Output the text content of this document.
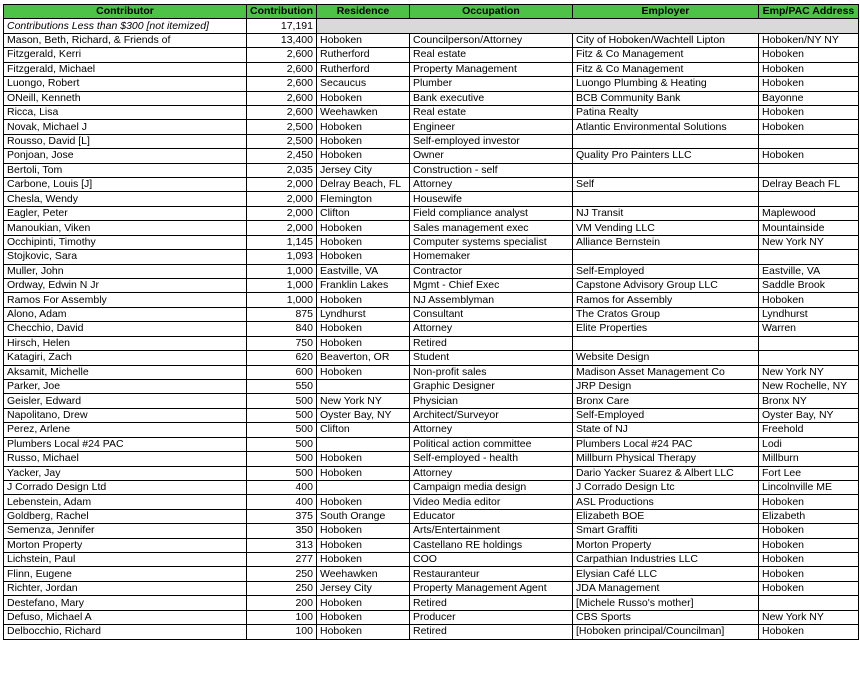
Contributor	Contribution	Residence	Occupation	Employer	Emp/PAC Address
Contributions Less than $300 [not itemized]	17,191				
Mason, Beth, Richard, & Friends of	13,400	Hoboken	Councilperson/Attorney	City of Hoboken/Wachtell Lipton	Hoboken/NY NY
Fitzgerald, Kerri	2,600	Rutherford	Real estate	Fitz & Co Management	Hoboken
Fitzgerald, Michael	2,600	Rutherford	Property Management	Fitz & Co Management	Hoboken
Luongo, Robert	2,600	Secaucus	Plumber	Luongo Plumbing & Heating	Hoboken
ONeill, Kenneth	2,600	Hoboken	Bank executive	BCB Community Bank	Bayonne
Ricca, Lisa	2,600	Weehawken	Real estate	Patina Realty	Hoboken
Novak, Michael J	2,500	Hoboken	Engineer	Atlantic Environmental Solutions	Hoboken
Rousso, David [L]	2,500	Hoboken	Self-employed investor		
Ponjoan, Jose	2,450	Hoboken	Owner	Quality Pro Painters LLC	Hoboken
Bertoli, Tom	2,035	Jersey City	Construction - self		
Carbone, Louis [J]	2,000	Delray Beach, FL	Attorney	Self	Delray Beach FL
Chesla, Wendy	2,000	Flemington	Housewife		
Eagler, Peter	2,000	Clifton	Field compliance analyst	NJ Transit	Maplewood
Manoukian, Viken	2,000	Hoboken	Sales management exec	VM Vending LLC	Mountainside
Occhipinti, Timothy	1,145	Hoboken	Computer systems specialist	Alliance Bernstein	New York NY
Stojkovic, Sara	1,093	Hoboken	Homemaker		
Muller, John	1,000	Eastville, VA	Contractor	Self-Employed	Eastville, VA
Ordway, Edwin N Jr	1,000	Franklin Lakes	Mgmt - Chief Exec	Capstone Advisory Group LLC	Saddle Brook
Ramos For Assembly	1,000	Hoboken	NJ Assemblyman	Ramos for Assembly	Hoboken
Alono, Adam	875	Lyndhurst	Consultant	The Cratos Group	Lyndhurst
Checchio, David	840	Hoboken	Attorney	Elite Properties	Warren
Hirsch, Helen	750	Hoboken	Retired		
Katagiri, Zach	620	Beaverton, OR	Student	Website Design	
Aksamit, Michelle	600	Hoboken	Non-profit sales	Madison Asset Management Co	New York NY
Parker, Joe	550		Graphic Designer	JRP Design	New Rochelle, NY
Geisler, Edward	500	New York NY	Physician	Bronx Care	Bronx NY
Napolitano, Drew	500	Oyster Bay, NY	Architect/Surveyor	Self-Employed	Oyster Bay, NY
Perez, Arlene	500	Clifton	Attorney	State of NJ	Freehold
Plumbers Local #24 PAC	500		Political action committee	Plumbers Local #24 PAC	Lodi
Russo, Michael	500	Hoboken	Self-employed - health	Millburn Physical Therapy	Millburn
Yacker, Jay	500	Hoboken	Attorney	Dario Yacker Suarez & Albert LLC	Fort Lee
J Corrado Design Ltd	400		Campaign media design	J Corrado Design Ltc	Lincolnville ME
Lebenstein, Adam	400	Hoboken	Video Media editor	ASL Productions	Hoboken
Goldberg, Rachel	375	South Orange	Educator	Elizabeth BOE	Elizabeth
Semenza, Jennifer	350	Hoboken	Arts/Entertainment	Smart Graffiti	Hoboken
Morton Property	313	Hoboken	Castellano RE holdings	Morton Property	Hoboken
Lichstein, Paul	277	Hoboken	COO	Carpathian Industries LLC	Hoboken
Flinn, Eugene	250	Weehawken	Restauranteur	Elysian Café LLC	Hoboken
Richter, Jordan	250	Jersey City	Property Management Agent	JDA Management	Hoboken
Destefano, Mary	200	Hoboken	Retired	[Michele Russo's mother]	
Defuso, Michael A	100	Hoboken	Producer	CBS Sports	New York NY
Delbocchio, Richard	100	Hoboken	Retired	[Hoboken principal/Councilman]	Hoboken
